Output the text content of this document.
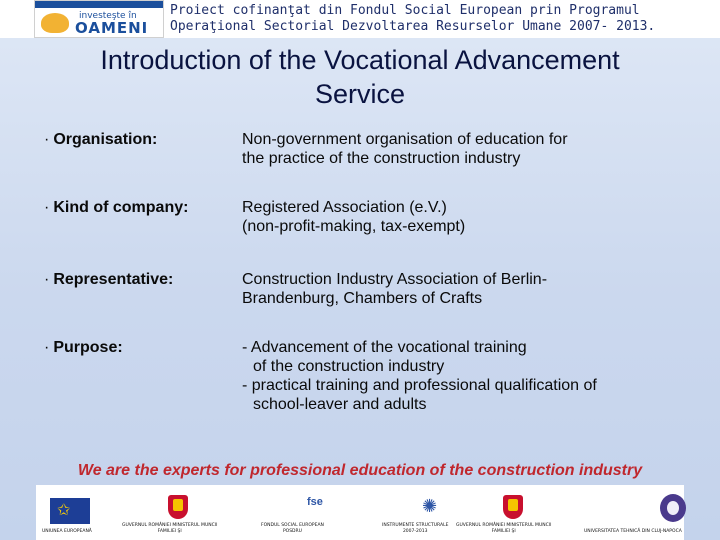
investeşte în
OAMENI
Proiect cofinanţat din Fondul Social European prin Programul
Operaţional Sectorial Dezvoltarea Resurselor Umane 2007- 2013.
Introduction of the Vocational Advancement
Service
· Organisation:	Non-government organisation of education for
the practice of the construction industry
· Kind of company:	Registered Association (e.V.)
(non-profit-making, tax-exempt)
· Representative:	Construction Industry Association of Berlin-
Brandenburg, Chambers of Crafts
· Purpose:	- Advancement of the vocational training
of the construction industry
- practical training and professional qualification of
school-leaver and adults
We are the experts for professional education of the construction industry
✩
UNIUNEA EUROPEANĂ
GUVERNUL ROMÂNIEI MINISTERUL MUNCII
FAMILIEI ŞI
fse
FONDUL SOCIAL EUROPEAN
POSDRU
✺
INSTRUMENTE STRUCTURALE
2007-2013
GUVERNUL ROMÂNIEI MINISTERUL MUNCII
FAMILIEI ŞI	UNIVERSITATEA TEHNICĂ DIN CLUJ-NAPOCA
